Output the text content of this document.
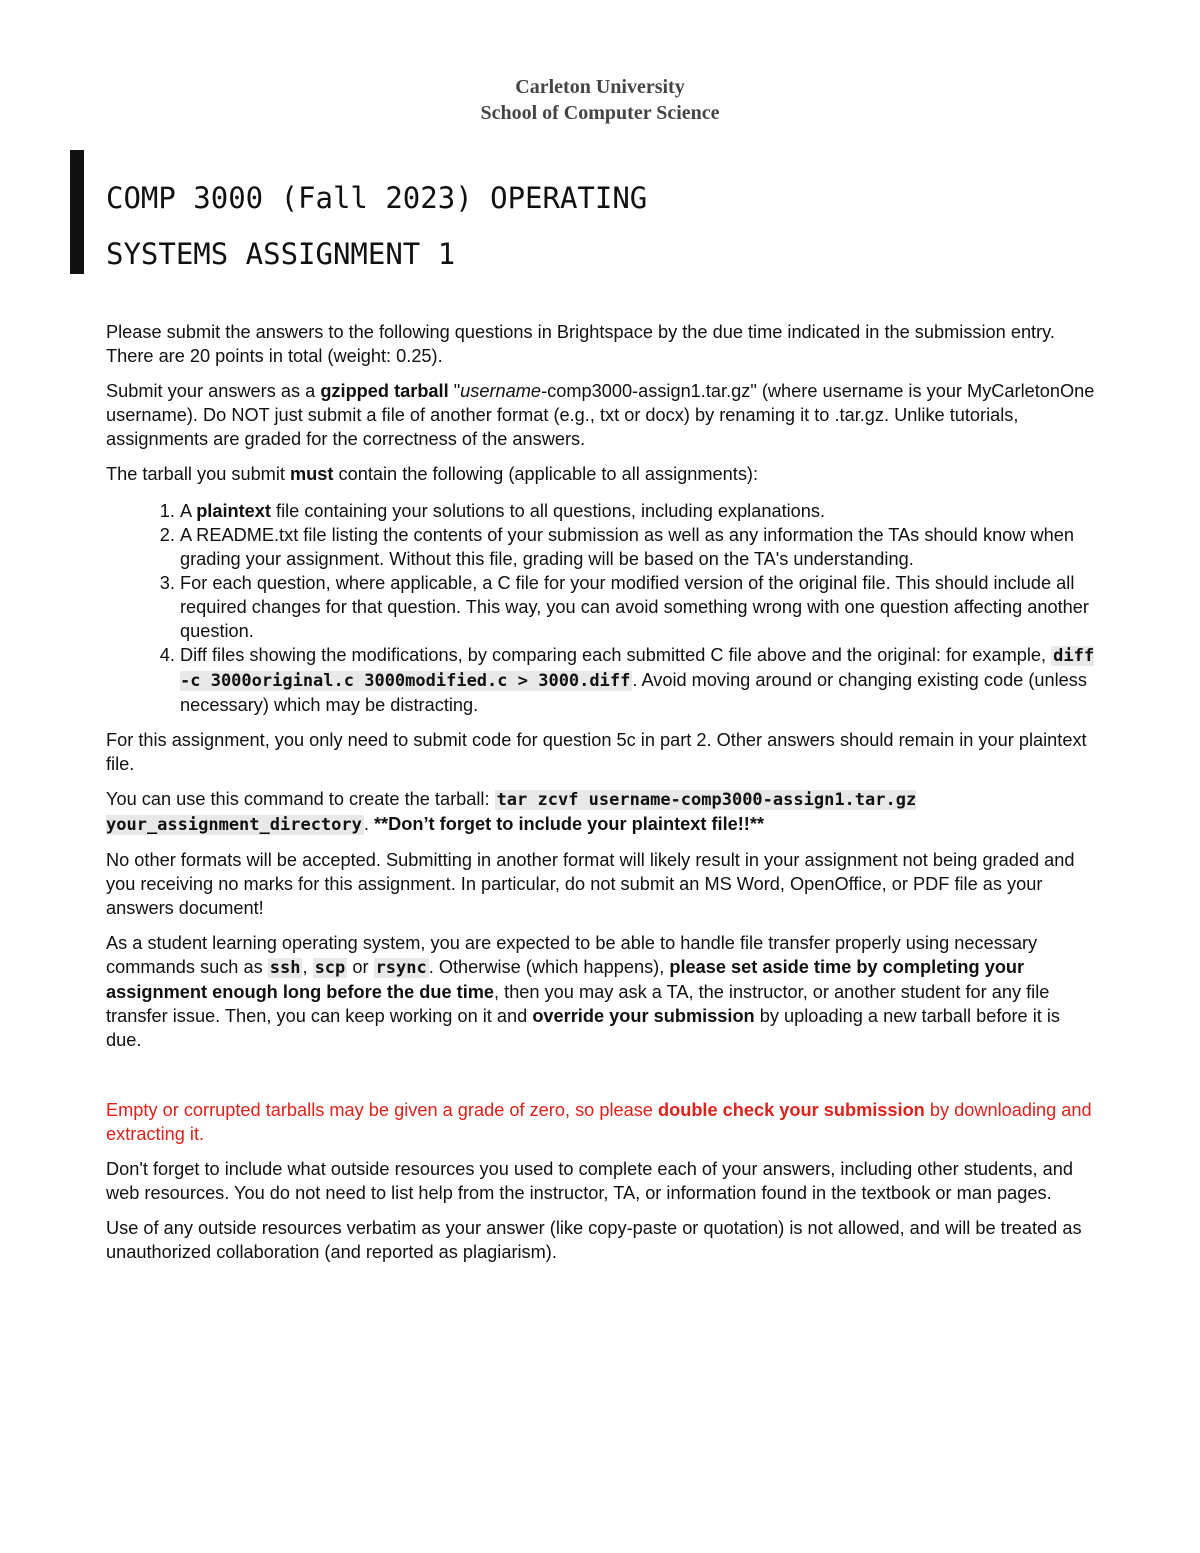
Carleton University
School of Computer Science
COMP 3000 (Fall 2023) OPERATING
SYSTEMS ASSIGNMENT 1

Please submit the answers to the following questions in Brightspace by the due time indicated in the submission entry. There are 20 points in total (weight: 0.25).

Submit your answers as a gzipped tarball "username-comp3000-assign1.tar.gz" (where username is your MyCarletonOne username). Do NOT just submit a file of another format (e.g., txt or docx) by renaming it to .tar.gz. Unlike tutorials, assignments are graded for the correctness of the answers.

The tarball you submit must contain the following (applicable to all assignments):

1. A plaintext file containing your solutions to all questions, including explanations.
2. A README.txt file listing the contents of your submission as well as any information the TAs should know when grading your assignment. Without this file, grading will be based on the TA's understanding.
3. For each question, where applicable, a C file for your modified version of the original file. This should include all required changes for that question. This way, you can avoid something wrong with one question affecting another question.
4. Diff files showing the modifications, by comparing each submitted C file above and the original: for example, diff -c 3000original.c 3000modified.c > 3000.diff . Avoid moving around or changing existing code (unless necessary) which may be distracting.

For this assignment, you only need to submit code for question 5c in part 2. Other answers should remain in your plaintext file.

You can use this command to create the tarball: tar zcvf username-comp3000-assign1.tar.gz your_assignment_directory . **Don’t forget to include your plaintext file!!**

No other formats will be accepted. Submitting in another format will likely result in your assignment not being graded and you receiving no marks for this assignment. In particular, do not submit an MS Word, OpenOffice, or PDF file as your answers document!

As a student learning operating system, you are expected to be able to handle file transfer properly using necessary commands such as ssh , scp or rsync . Otherwise (which happens), please set aside time by completing your assignment enough long before the due time, then you may ask a TA, the instructor, or another student for any file transfer issue. Then, you can keep working on it and override your submission by uploading a new tarball before it is due.

Empty or corrupted tarballs may be given a grade of zero, so please double check your submission by downloading and extracting it.

Don't forget to include what outside resources you used to complete each of your answers, including other students, and web resources. You do not need to list help from the instructor, TA, or information found in the textbook or man pages.

Use of any outside resources verbatim as your answer (like copy-paste or quotation) is not allowed, and will be treated as unauthorized collaboration (and reported as plagiarism).
